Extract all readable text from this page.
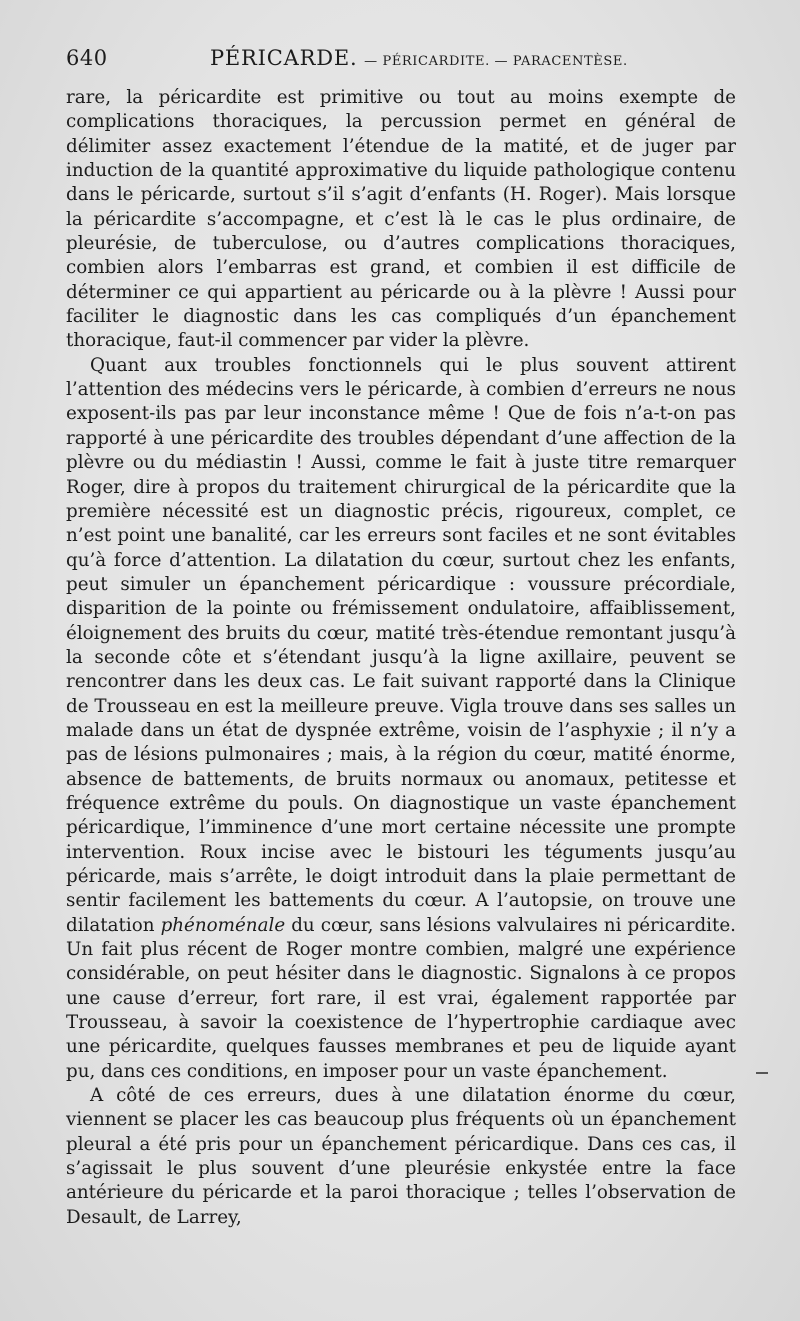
640	PÉRICARDE. — PÉRICARDITE. — PARACENTÈSE.

rare, la péricardite est primitive ou tout au moins exempte de complications thoraciques, la percussion permet en général de délimiter assez exactement l’étendue de la matité, et de juger par induction de la quantité approximative du liquide pathologique contenu dans le péricarde, surtout s’il s’agit d’enfants (H. Roger). Mais lorsque la péricardite s’accompagne, et c’est là le cas le plus ordinaire, de pleurésie, de tuberculose, ou d’autres complications thoraciques, combien alors l’embarras est grand, et combien il est difficile de déterminer ce qui appartient au péricarde ou à la plèvre ! Aussi pour faciliter le diagnostic dans les cas compliqués d’un épanchement thoracique, faut-il commencer par vider la plèvre.

Quant aux troubles fonctionnels qui le plus souvent attirent l’attention des médecins vers le péricarde, à combien d’erreurs ne nous exposent-ils pas par leur inconstance même ! Que de fois n’a-t-on pas rapporté à une péricardite des troubles dépendant d’une affection de la plèvre ou du médiastin ! Aussi, comme le fait à juste titre remarquer Roger, dire à propos du traitement chirurgical de la péricardite que la première nécessité est un diagnostic précis, rigoureux, complet, ce n’est point une banalité, car les erreurs sont faciles et ne sont évitables qu’à force d’attention. La dilatation du cœur, surtout chez les enfants, peut simuler un épanchement péricardique : voussure précordiale, disparition de la pointe ou frémissement ondulatoire, affaiblissement, éloignement des bruits du cœur, matité très-étendue remontant jusqu’à la seconde côte et s’étendant jusqu’à la ligne axillaire, peuvent se rencontrer dans les deux cas. Le fait suivant rapporté dans la Clinique de Trousseau en est la meilleure preuve. Vigla trouve dans ses salles un malade dans un état de dyspnée extrême, voisin de l’asphyxie ; il n’y a pas de lésions pulmonaires ; mais, à la région du cœur, matité énorme, absence de battements, de bruits normaux ou anomaux, petitesse et fréquence extrême du pouls. On diagnostique un vaste épanchement péricardique, l’imminence d’une mort certaine nécessite une prompte intervention. Roux incise avec le bistouri les téguments jusqu’au péricarde, mais s’arrête, le doigt introduit dans la plaie permettant de sentir facilement les battements du cœur. A l’autopsie, on trouve une dilatation phénoménale du cœur, sans lésions valvulaires ni péricardite. Un fait plus récent de Roger montre combien, malgré une expérience considérable, on peut hésiter dans le diagnostic. Signalons à ce propos une cause d’erreur, fort rare, il est vrai, également rapportée par Trousseau, à savoir la coexistence de l’hypertrophie cardiaque avec une péricardite, quelques fausses membranes et peu de liquide ayant pu, dans ces conditions, en imposer pour un vaste épanchement.

A côté de ces erreurs, dues à une dilatation énorme du cœur, viennent se placer les cas beaucoup plus fréquents où un épanchement pleural a été pris pour un épanchement péricardique. Dans ces cas, il s’agissait le plus souvent d’une pleurésie enkystée entre la face antérieure du péricarde et la paroi thoracique ; telles l’observation de Desault, de Larrey,
